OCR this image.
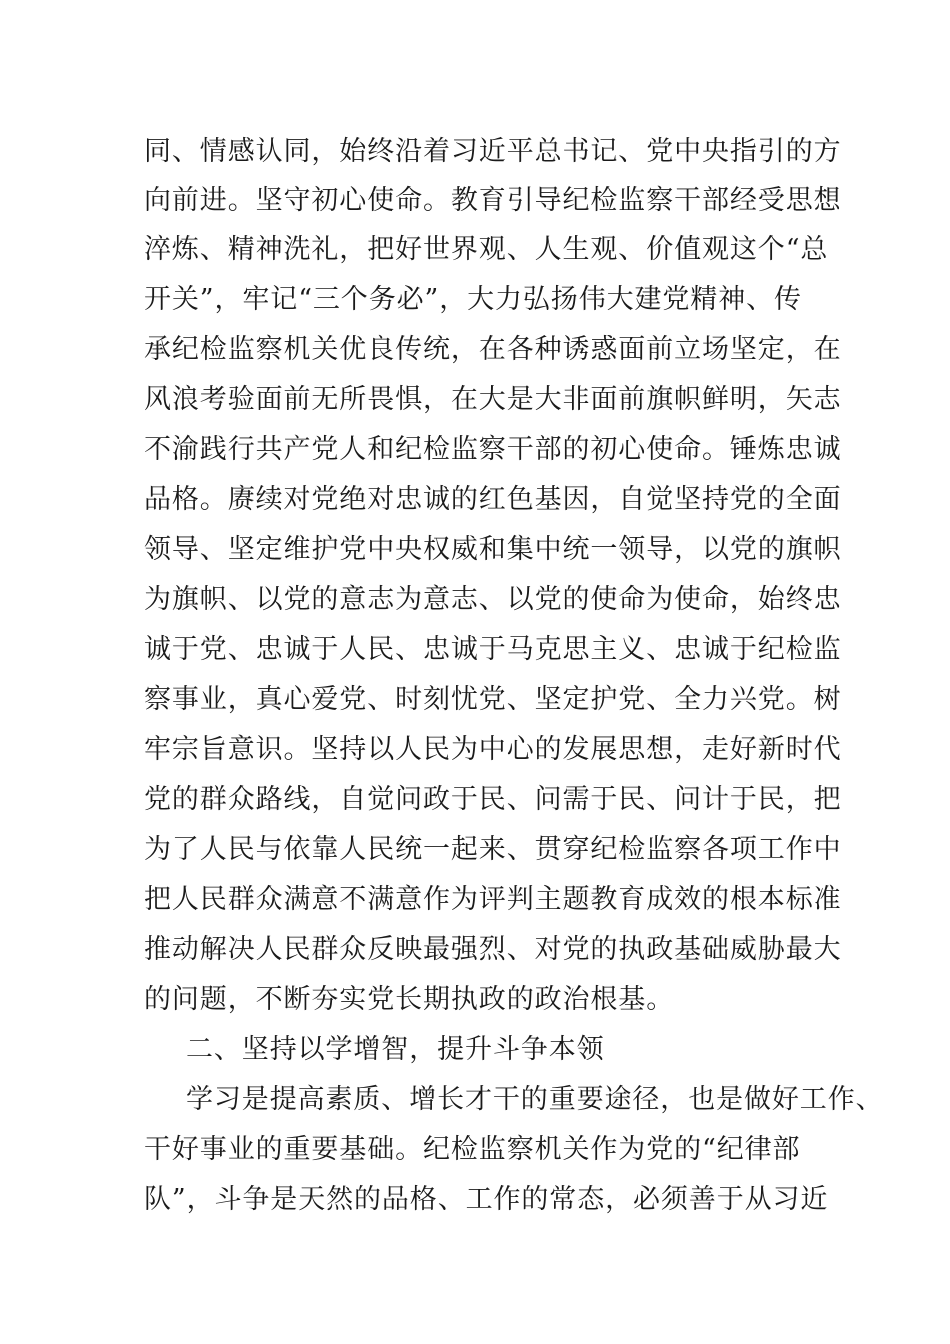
同、情感认同，始终沿着习近平总书记、党中央指引的方
向前进。坚守初心使命。教育引导纪检监察干部经受思想
淬炼、精神洗礼，把好世界观、人生观、价值观这个“总
开关”，牢记“三个务必”，大力弘扬伟大建党精神、传
承纪检监察机关优良传统，在各种诱惑面前立场坚定，在
风浪考验面前无所畏惧，在大是大非面前旗帜鲜明，矢志
不渝践行共产党人和纪检监察干部的初心使命。锤炼忠诚
品格。赓续对党绝对忠诚的红色基因，自觉坚持党的全面
领导、坚定维护党中央权威和集中统一领导，以党的旗帜
为旗帜、以党的意志为意志、以党的使命为使命，始终忠
诚于党、忠诚于人民、忠诚于马克思主义、忠诚于纪检监
察事业，真心爱党、时刻忧党、坚定护党、全力兴党。树
牢宗旨意识。坚持以人民为中心的发展思想，走好新时代
党的群众路线，自觉问政于民、问需于民、问计于民，把
为了人民与依靠人民统一起来、贯穿纪检监察各项工作中
把人民群众满意不满意作为评判主题教育成效的根本标准
推动解决人民群众反映最强烈、对党的执政基础威胁最大
的问题，不断夯实党长期执政的政治根基。
二、坚持以学增智，提升斗争本领
学习是提高素质、增长才干的重要途径，也是做好工作、
干好事业的重要基础。纪检监察机关作为党的“纪律部
队”，斗争是天然的品格、工作的常态，必须善于从习近
